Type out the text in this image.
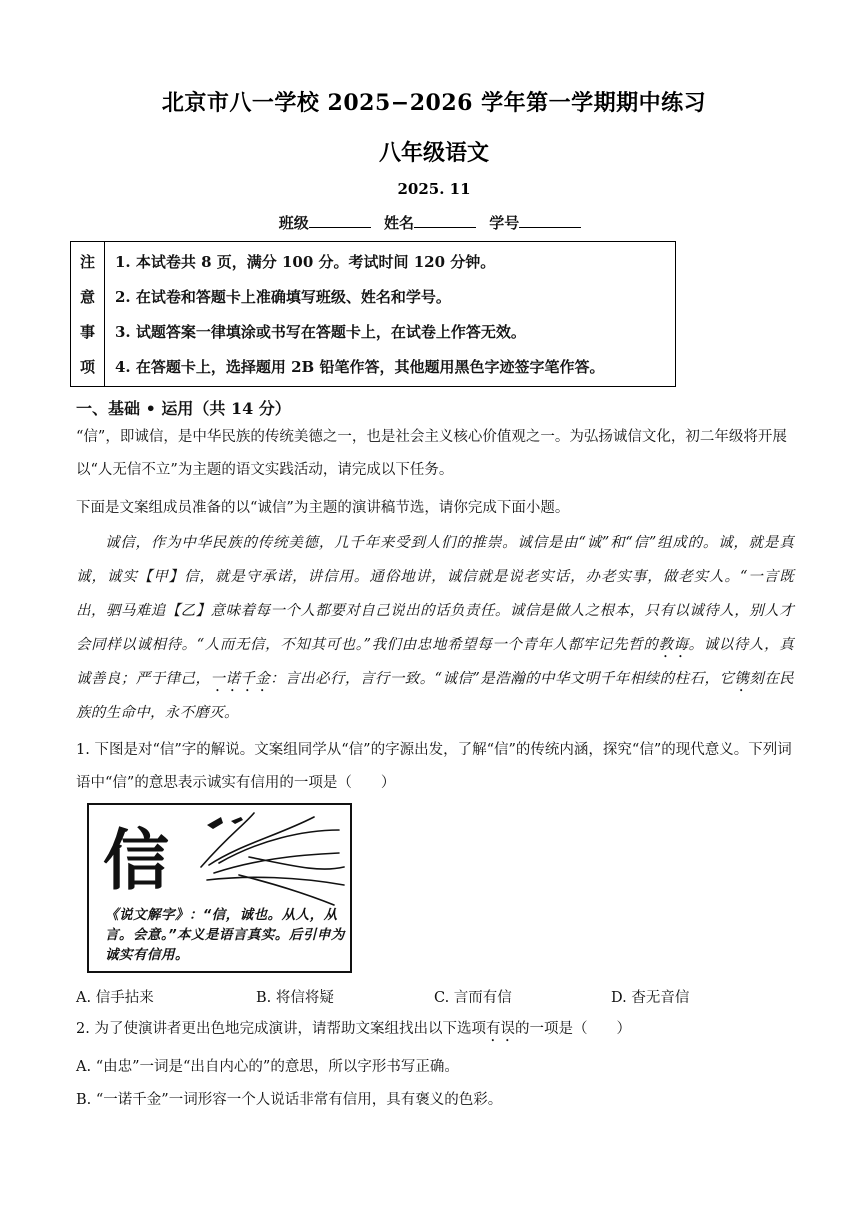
北京市八一学校 2025−2026 学年第一学期期中练习
八年级语文
2025. 11
班级	姓名	学号
注
意
事
项
1. 本试卷共 8 页，满分 100 分。考试时间 120 分钟。
2. 在试卷和答题卡上准确填写班级、姓名和学号。
3. 试题答案一律填涂或书写在答题卡上，在试卷上作答无效。
4. 在答题卡上，选择题用 2B 铅笔作答，其他题用黑色字迹签字笔作答。
一、基础 • 运用（共 14 分）
“信”，即诚信，是中华民族的传统美德之一，也是社会主义核心价值观之一。为弘扬诚信文化，初二年级将开展以“人无信不立”为主题的语文实践活动，请完成以下任务。
下面是文案组成员准备的以“诚信”为主题的演讲稿节选，请你完成下面小题。
诚信，作为中华民族的传统美德，几千年来受到人们的推崇。诚信是由“诚”和“信”组成的。诚，就是真诚，诚实【甲】信，就是守承诺，讲信用。通俗地讲，诚信就是说老实话，办老实事，做老实人。“一言既出，驷马难追【乙】意味着每一个人都要对自己说出的话负责任。诚信是做人之根本，只有以诚待人，别人才会同样以诚相待。“人而无信，不知其可也。”我们由忠地希望每一个青年人都牢记先哲的教诲。诚以待人，真诚善良；严于律己，一诺千金：言出必行，言行一致。“诚信”是浩瀚的中华文明千年相续的柱石，它镌刻在民族的生命中，永不磨灭。
1. 下图是对“信”字的解说。文案组同学从“信”的字源出发，了解“信”的传统内涵，探究“信”的现代意义。下列词语中“信”的意思表示诚实有信用的一项是（　　）
信
《说文解字》：“信，诚也。从人，从言。会意。”本义是语言真实。后引申为诚实有信用。
A. 信手拈来	B. 将信将疑	C. 言而有信	D. 杳无音信
2. 为了使演讲者更出色地完成演讲，请帮助文案组找出以下选项有误的一项是（　　）
A. “由忠”一词是“出自内心的”的意思，所以字形书写正确。
B. “一诺千金”一词形容一个人说话非常有信用，具有褒义的色彩。
